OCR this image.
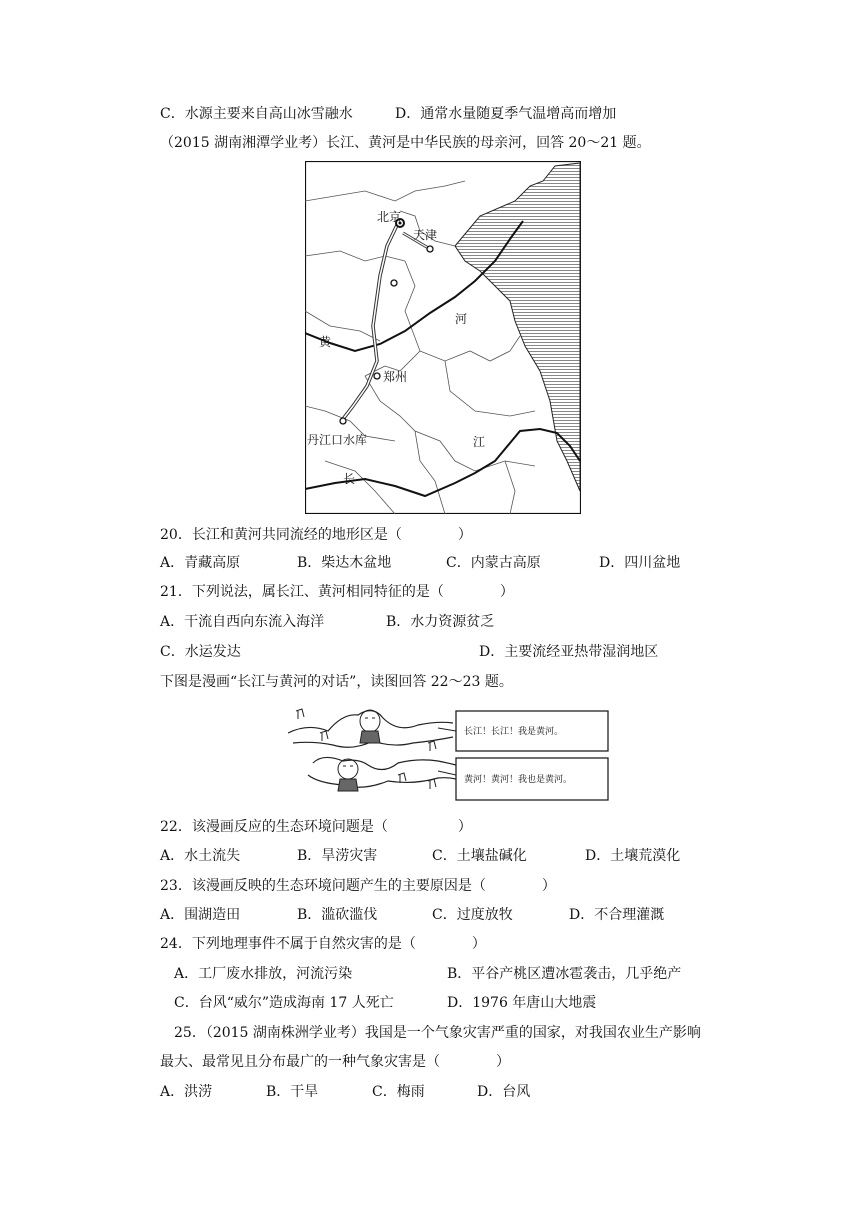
C．水源主要来自高山冰雪融水	D．通常水量随夏季气温增高而增加
（2015 湖南湘潭学业考）长江、黄河是中华民族的母亲河，回答 20～21 题。
北京
天津
郑州
丹江口水库
黄
河
长
江
20．长江和黄河共同流经的地形区是（　　　　）
A．青藏高原	B．柴达木盆地	C．内蒙古高原	D．四川盆地
21．下列说法，属长江、黄河相同特征的是（　　　　）
A．干流自西向东流入海洋	B．水力资源贫乏
C．水运发达	D．主要流经亚热带湿润地区
下图是漫画“长江与黄河的对话”，读图回答 22～23 题。
长江！长江！我是黄河。
黄河！黄河！我也是黄河。
22．该漫画反应的生态环境问题是（　　　　　）
A．水土流失	B．旱涝灾害	C．土壤盐碱化	D．土壤荒漠化
23．该漫画反映的生态环境问题产生的主要原因是（　　　　）
A．围湖造田	B．滥砍滥伐	C．过度放牧	D．不合理灌溉
24．下列地理事件不属于自然灾害的是（　　　　）
A．工厂废水排放，河流污染	B．平谷产桃区遭冰雹袭击，几乎绝产
C．台风“威尔”造成海南 17 人死亡	D．1976 年唐山大地震
25．（2015 湖南株洲学业考）我国是一个气象灾害严重的国家，对我国农业生产影响
最大、最常见且分布最广的一种气象灾害是（　　　　）
A．洪涝	B．干旱	C．梅雨	D．台风
